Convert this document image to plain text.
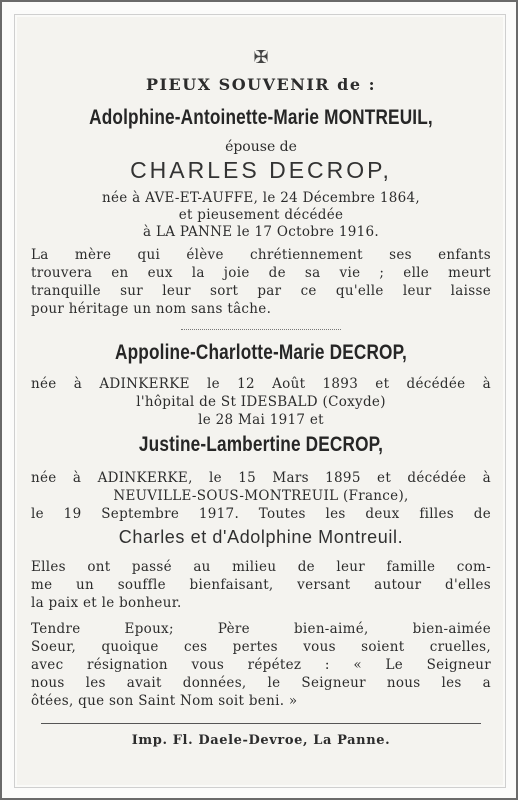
✠
PIEUX SOUVENIR de :
Adolphine-Antoinette-Marie MONTREUIL,
épouse de
CHARLES DECROP,
née à AVE-ET-AUFFE, le 24 Décembre 1864,
et pieusement décédée
à LA PANNE le 17 Octobre 1916.
La mère qui élève chrétiennement ses enfants
trouvera en eux la joie de sa vie ; elle meurt
tranquille sur leur sort par ce qu'elle leur laisse
pour héritage un nom sans tâche.
Appoline-Charlotte-Marie DECROP,
née à ADINKERKE le 12 Août 1893 et décédée à
l'hôpital de St IDESBALD (Coxyde)
le 28 Mai 1917 et
Justine-Lambertine DECROP,
née à ADINKERKE, le 15 Mars 1895 et décédée à
NEUVILLE-SOUS-MONTREUIL (France),
le 19 Septembre 1917. Toutes les deux filles de
Charles et d'Adolphine Montreuil.
Elles ont passé au milieu de leur famille com-
me un souffle bienfaisant, versant autour d'elles
la paix et le bonheur.
Tendre Epoux; Père bien-aimé, bien-aimée
Soeur, quoique ces pertes vous soient cruelles,
avec résignation vous répétez : « Le Seigneur
nous les avait données, le Seigneur nous les a
ôtées, que son Saint Nom soit beni. »
Imp. Fl. Daele-Devroe, La Panne.
